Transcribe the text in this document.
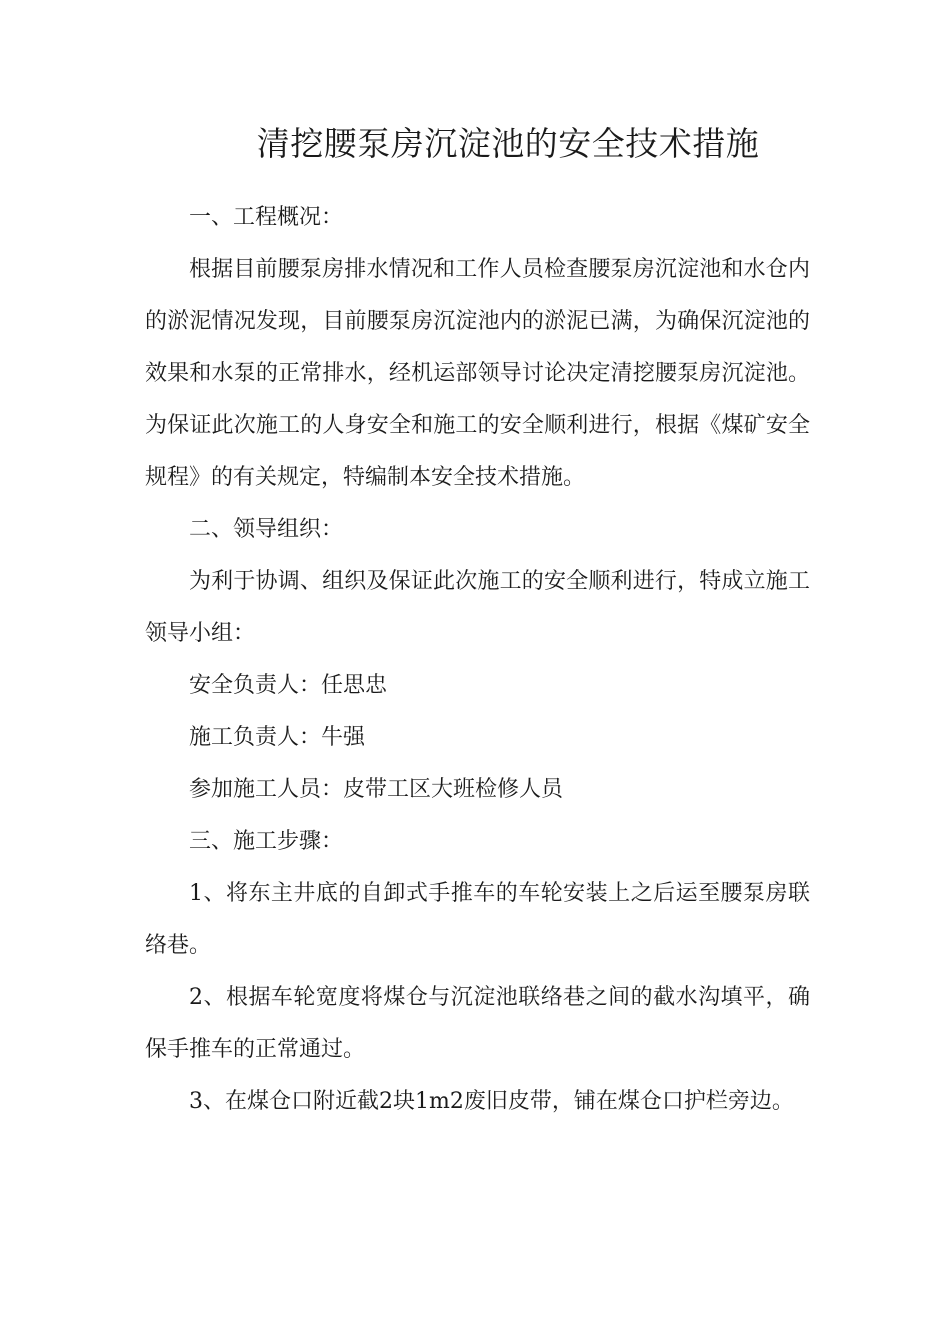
清挖腰泵房沉淀池的安全技术措施

一、工程概况：

根据目前腰泵房排水情况和工作人员检查腰泵房沉淀池和水仓内的淤泥情况发现，目前腰泵房沉淀池内的淤泥已满，为确保沉淀池的效果和水泵的正常排水，经机运部领导讨论决定清挖腰泵房沉淀池。为保证此次施工的人身安全和施工的安全顺利进行，根据《煤矿安全规程》的有关规定，特编制本安全技术措施。

二、领导组织：

为利于协调、组织及保证此次施工的安全顺利进行，特成立施工领导小组：

安全负责人：任思忠

施工负责人：牛强

参加施工人员：皮带工区大班检修人员

三、施工步骤：

1、将东主井底的自卸式手推车的车轮安装上之后运至腰泵房联络巷。

2、根据车轮宽度将煤仓与沉淀池联络巷之间的截水沟填平，确保手推车的正常通过。

3、在煤仓口附近截2块1m2废旧皮带，铺在煤仓口护栏旁边。
